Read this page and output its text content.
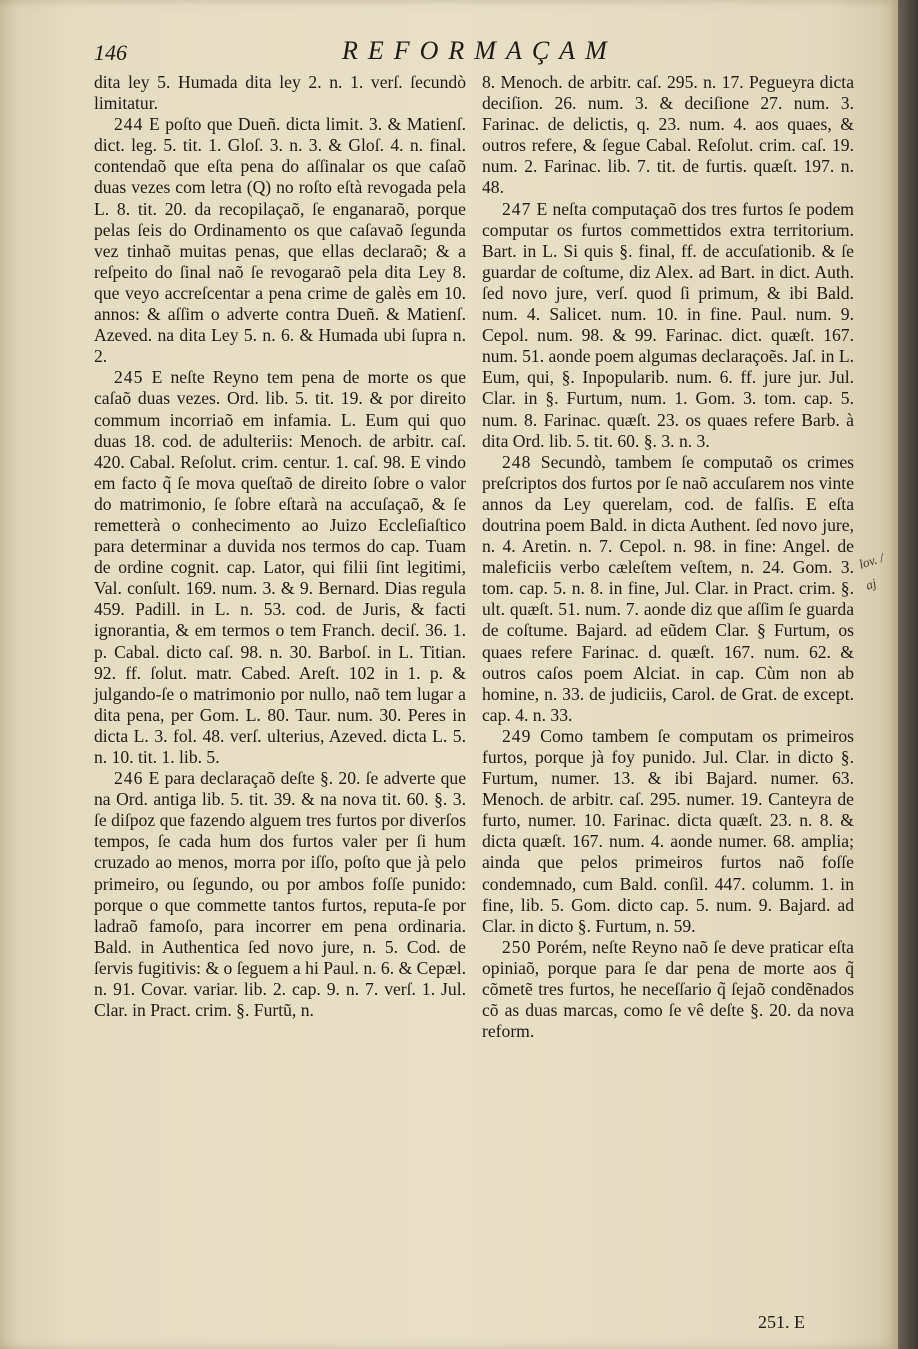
146	REFORMAÇAM

dita ley 5. Humada dita ley 2. n. 1. verſ. ſecundò limitatur.

244 E poſto que Dueñ. dicta limit. 3. & Matienſ. dict. leg. 5. tit. 1. Gloſ. 3. n. 3. & Gloſ. 4. n. final. contendaõ que eſta pena do aſſinalar os que caſaõ duas vezes com letra (Q) no roſto eſtà revogada pela L. 8. tit. 20. da recopilaçaõ, ſe enganaraõ, porque pelas ſeis do Ordinamento os que caſavaõ ſegunda vez tinhaõ muitas penas, que ellas declaraõ; & a reſpeito do ſinal naõ ſe revogaraõ pela dita Ley 8. que veyo accreſcentar a pena crime de galès em 10. annos: & aſſim o adverte contra Dueñ. & Matienſ. Azeved. na dita Ley 5. n. 6. & Humada ubi ſupra n. 2.

245 E neſte Reyno tem pena de morte os que caſaõ duas vezes. Ord. lib. 5. tit. 19. & por direito commum incorriaõ em infamia. L. Eum qui quo duas 18. cod. de adulteriis: Menoch. de arbitr. caſ. 420. Cabal. Reſolut. crim. centur. 1. caſ. 98. E vindo em facto q̃ ſe mova queſtaõ de direito ſobre o valor do matrimonio, ſe ſobre eſtarà na accuſaçaõ, & ſe remetterà o conhecimento ao Juizo Eccleſiaſtico para determinar a duvida nos termos do cap. Tuam de ordine cognit. cap. Lator, qui filii ſint legitimi, Val. conſult. 169. num. 3. & 9. Bernard. Dias regula 459. Padill. in L. n. 53. cod. de Juris, & facti ignorantia, & em termos o tem Franch. deciſ. 36. 1. p. Cabal. dicto caſ. 98. n. 30. Barboſ. in L. Titian. 92. ff. ſolut. matr. Cabed. Areſt. 102 in 1. p. & julgando-ſe o matrimonio por nullo, naõ tem lugar a dita pena, per Gom. L. 80. Taur. num. 30. Peres in dicta L. 3. fol. 48. verſ. ulterius, Azeved. dicta L. 5. n. 10. tit. 1. lib. 5.

246 E para declaraçaõ deſte §. 20. ſe adverte que na Ord. antiga lib. 5. tit. 39. & na nova tit. 60. §. 3. ſe diſpoz que fazendo alguem tres furtos por diverſos tempos, ſe cada hum dos furtos valer per ſi hum cruzado ao menos, morra por iſſo, poſto que jà pelo primeiro, ou ſegundo, ou por ambos foſſe punido: porque o que commette tantos furtos, reputa-ſe por ladraõ famoſo, para incorrer em pena ordinaria. Bald. in Authentica ſed novo jure, n. 5. Cod. de ſervis fugitivis: & o ſeguem a hi Paul. n. 6. & Cepæl. n. 91. Covar. variar. lib. 2. cap. 9. n. 7. verſ. 1. Jul. Clar. in Pract. crim. §. Furtũ, n.

8. Menoch. de arbitr. caſ. 295. n. 17. Pegueyra dicta deciſion. 26. num. 3. & deciſione 27. num. 3. Farinac. de delictis, q. 23. num. 4. aos quaes, & outros refere, & ſegue Cabal. Reſolut. crim. caſ. 19. num. 2. Farinac. lib. 7. tit. de furtis. quæſt. 197. n. 48.

247 E neſta computaçaõ dos tres furtos ſe podem computar os furtos commettidos extra territorium. Bart. in L. Si quis §. final, ff. de accuſationib. & ſe guardar de coſtume, diz Alex. ad Bart. in dict. Auth. ſed novo jure, verſ. quod ſi primum, & ibi Bald. num. 4. Salicet. num. 10. in fine. Paul. num. 9. Cepol. num. 98. & 99. Farinac. dict. quæſt. 167. num. 51. aonde poem algumas declaraçoẽs. Jaſ. in L. Eum, qui, §. Inpopularib. num. 6. ff. jure jur. Jul. Clar. in §. Furtum, num. 1. Gom. 3. tom. cap. 5. num. 8. Farinac. quæſt. 23. os quaes refere Barb. à dita Ord. lib. 5. tit. 60. §. 3. n. 3.

248 Secundò, tambem ſe computaõ os crimes preſcriptos dos furtos por ſe naõ accuſarem nos vinte annos da Ley querelam, cod. de falſis. E eſta doutrina poem Bald. in dicta Authent. ſed novo jure, n. 4. Aretin. n. 7. Cepol. n. 98. in fine: Angel. de maleficiis verbo cæleſtem veſtem, n. 24. Gom. 3. tom. cap. 5. n. 8. in fine, Jul. Clar. in Pract. crim. §. ult. quæſt. 51. num. 7. aonde diz que aſſim ſe guarda de coſtume. Bajard. ad eũdem Clar. § Furtum, os quaes refere Farinac. d. quæſt. 167. num. 62. & outros caſos poem Alciat. in cap. Cùm non ab homine, n. 33. de judiciis, Carol. de Grat. de except. cap. 4. n. 33.

249 Como tambem ſe computam os primeiros furtos, porque jà foy punido. Jul. Clar. in dicto §. Furtum, numer. 13. & ibi Bajard. numer. 63. Menoch. de arbitr. caſ. 295. numer. 19. Canteyra de furto, numer. 10. Farinac. dicta quæſt. 23. n. 8. & dicta quæſt. 167. num. 4. aonde numer. 68. amplia; ainda que pelos primeiros furtos naõ foſſe condemnado, cum Bald. conſil. 447. columm. 1. in fine, lib. 5. Gom. dicto cap. 5. num. 9. Bajard. ad Clar. in dicto §. Furtum, n. 59.

250 Porém, neſte Reyno naõ ſe deve praticar eſta opiniaõ, porque para ſe dar pena de morte aos q̃ cõmetẽ tres furtos, he neceſſario q̃ ſejaõ condẽnados cõ as duas marcas, como ſe vê deſte §. 20. da nova reform.

251. E
lov. / aj
